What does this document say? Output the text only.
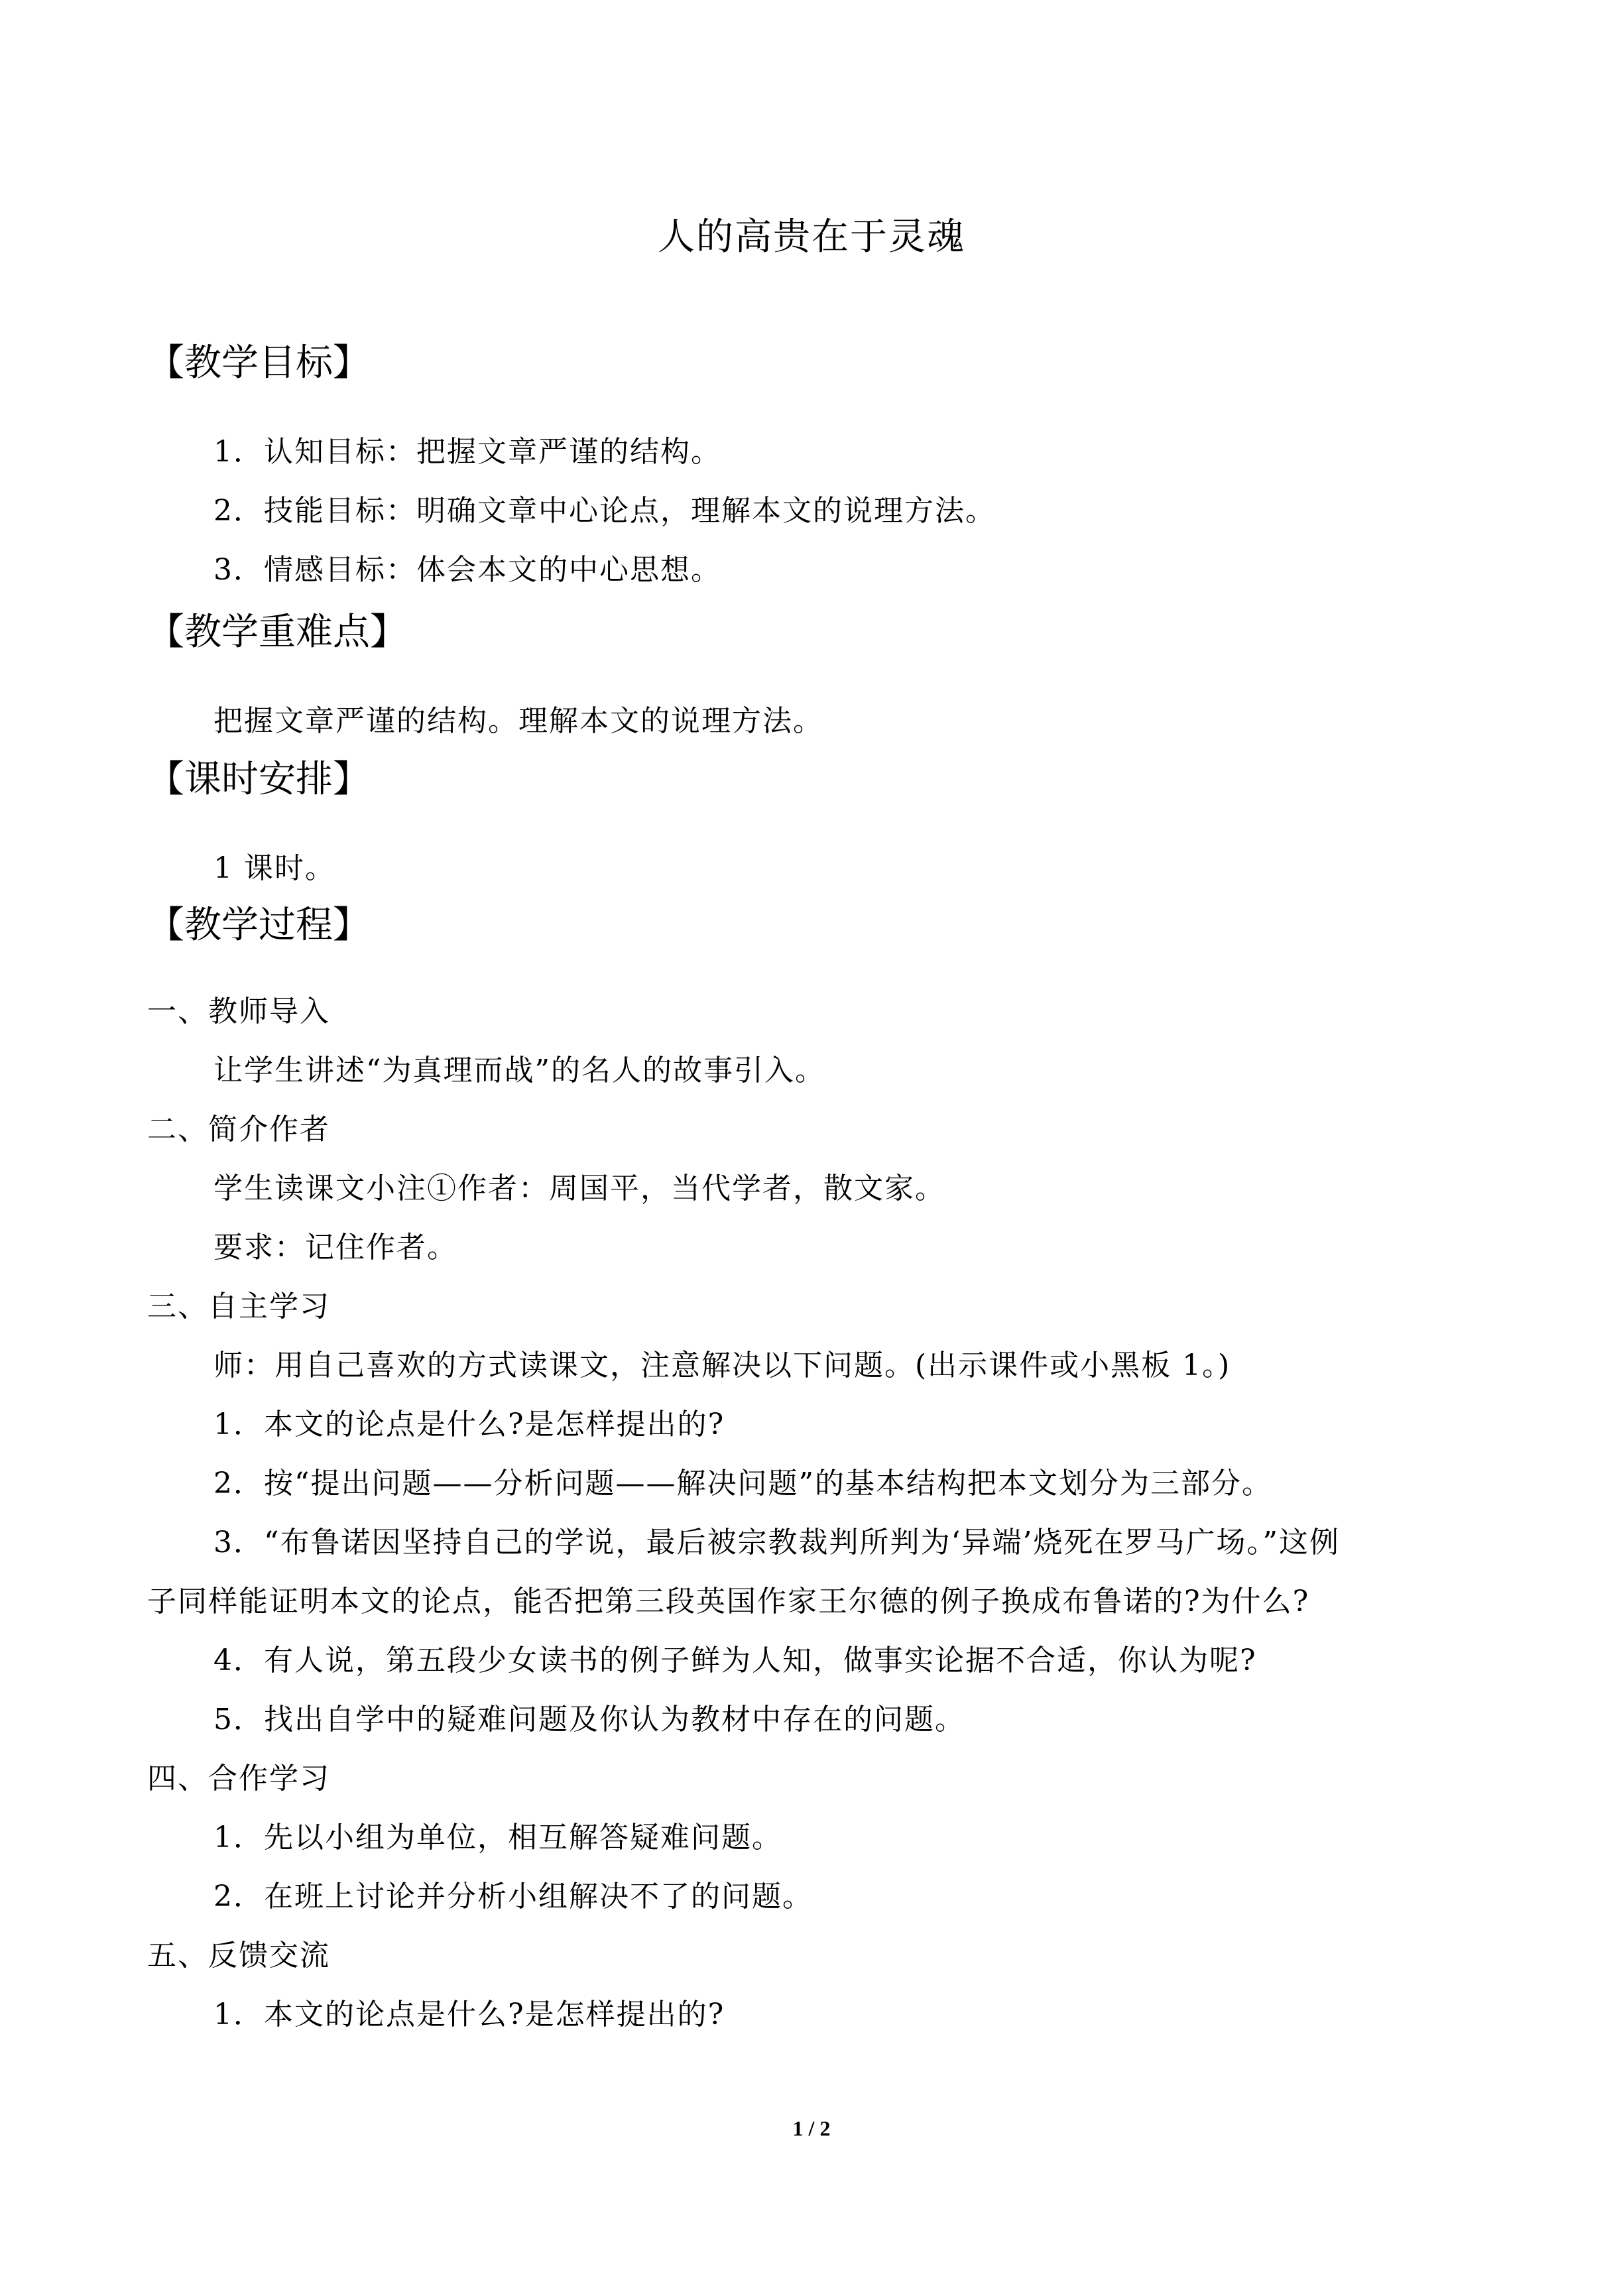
人的高贵在于灵魂
【教学目标】
1．认知目标：把握文章严谨的结构。
2．技能目标：明确文章中心论点，理解本文的说理方法。
3．情感目标：体会本文的中心思想。
【教学重难点】
把握文章严谨的结构。理解本文的说理方法。
【课时安排】
1 课时。
【教学过程】
一、教师导入
让学生讲述“为真理而战”的名人的故事引入。
二、简介作者
学生读课文小注①作者：周国平，当代学者，散文家。
要求：记住作者。
三、自主学习
师：用自己喜欢的方式读课文，注意解决以下问题。(出示课件或小黑板 1。)
1．本文的论点是什么?是怎样提出的?
2．按“提出问题——分析问题——解决问题”的基本结构把本文划分为三部分。
3．“布鲁诺因坚持自己的学说，最后被宗教裁判所判为‘异端’烧死在罗马广场。”这例
子同样能证明本文的论点，能否把第三段英国作家王尔德的例子换成布鲁诺的?为什么?
4．有人说，第五段少女读书的例子鲜为人知，做事实论据不合适，你认为呢?
5．找出自学中的疑难问题及你认为教材中存在的问题。
四、合作学习
1．先以小组为单位，相互解答疑难问题。
2．在班上讨论并分析小组解决不了的问题。
五、反馈交流
1．本文的论点是什么?是怎样提出的?
1 / 2
